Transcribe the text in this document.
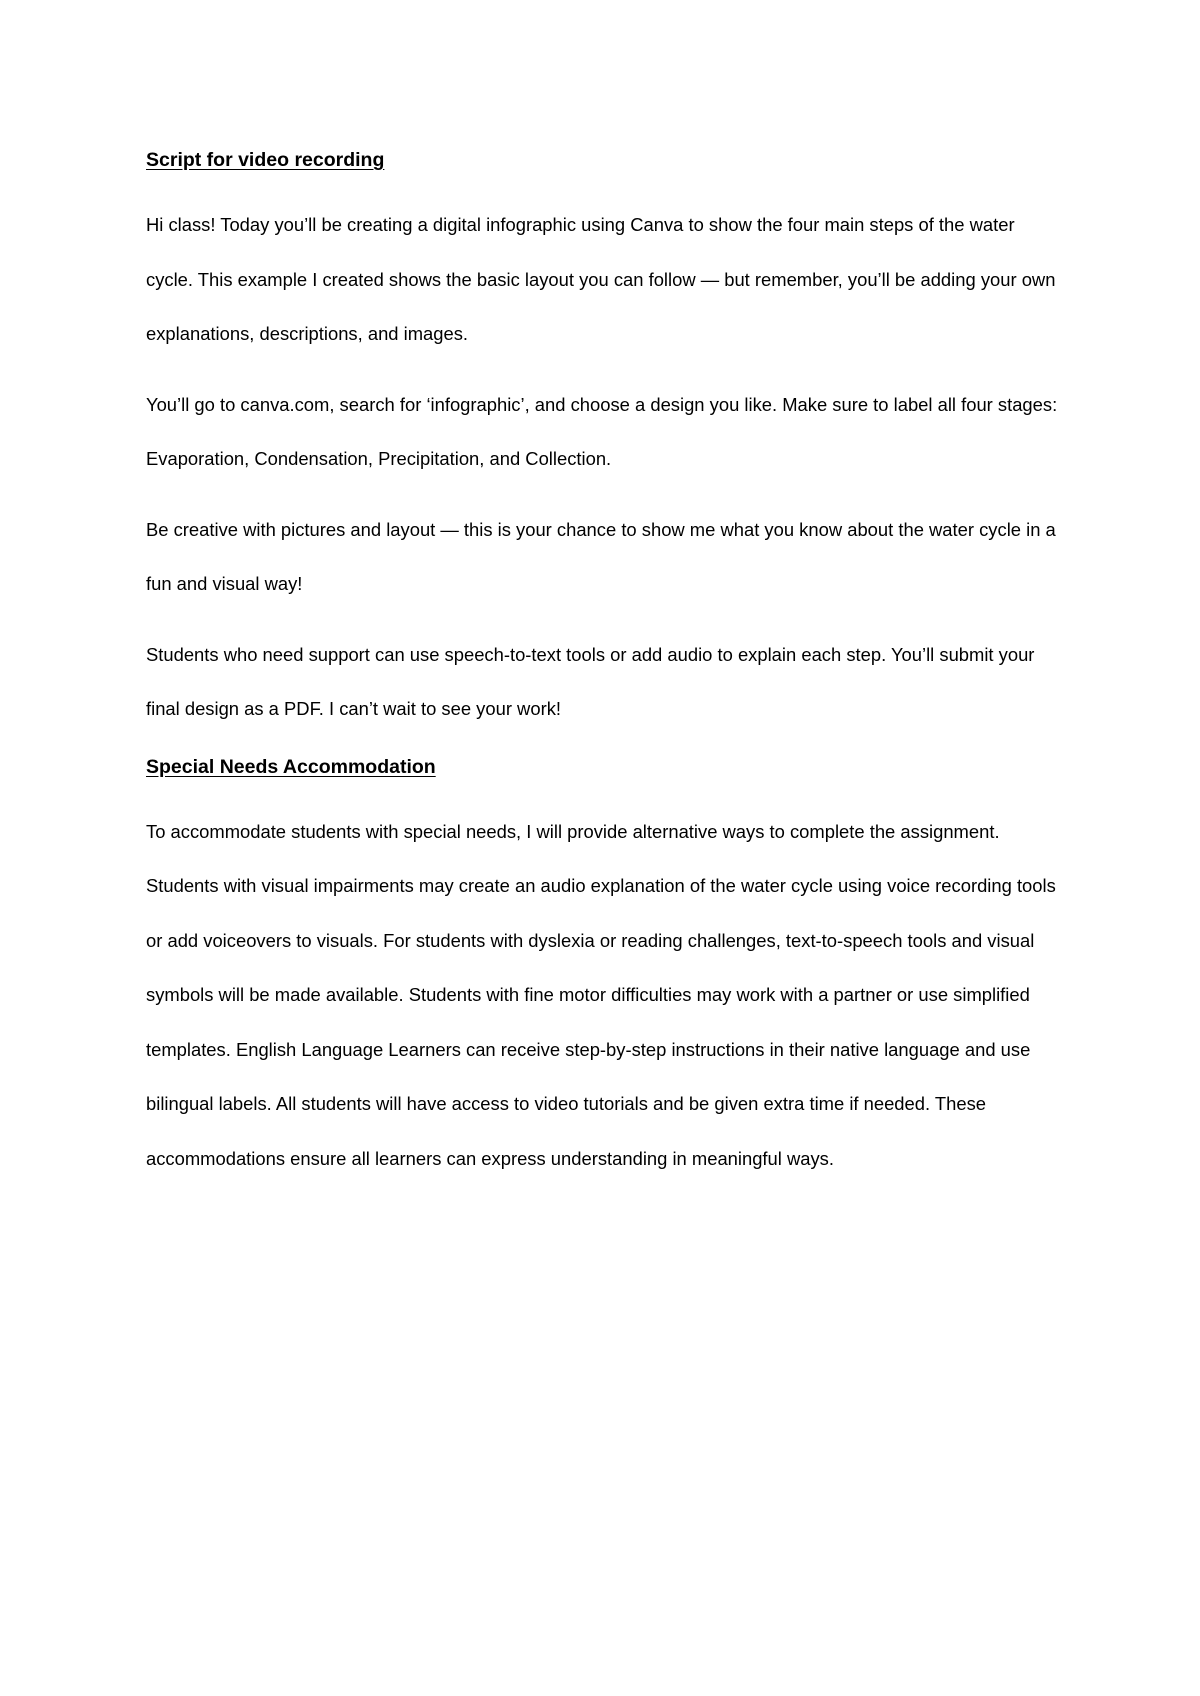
Script for video recording

Hi class! Today you’ll be creating a digital infographic using Canva to show the four main steps of the water cycle. This example I created shows the basic layout you can follow — but remember, you’ll be adding your own explanations, descriptions, and images.

You’ll go to canva.com, search for ‘infographic’, and choose a design you like. Make sure to label all four stages: Evaporation, Condensation, Precipitation, and Collection.

Be creative with pictures and layout — this is your chance to show me what you know about the water cycle in a fun and visual way!

Students who need support can use speech-to-text tools or add audio to explain each step. You’ll submit your final design as a PDF. I can’t wait to see your work!

Special Needs Accommodation

To accommodate students with special needs, I will provide alternative ways to complete the assignment. Students with visual impairments may create an audio explanation of the water cycle using voice recording tools or add voiceovers to visuals. For students with dyslexia or reading challenges, text-to-speech tools and visual symbols will be made available. Students with fine motor difficulties may work with a partner or use simplified templates. English Language Learners can receive step-by-step instructions in their native language and use bilingual labels. All students will have access to video tutorials and be given extra time if needed. These accommodations ensure all learners can express understanding in meaningful ways.
